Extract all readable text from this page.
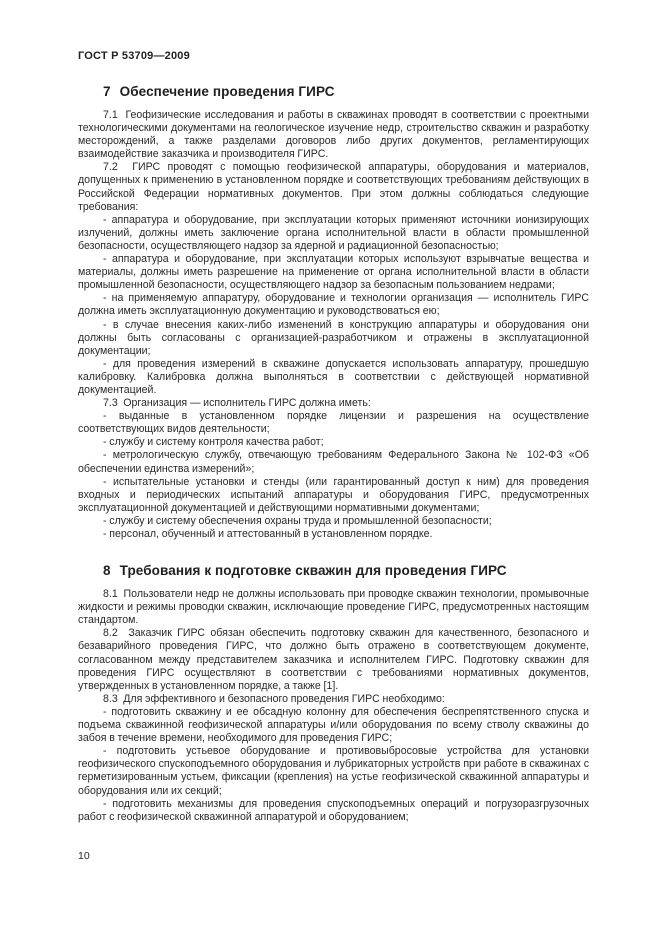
ГОСТ Р 53709—2009
7 Обеспечение проведения ГИРС

7.1  Геофизические исследования и работы в скважинах проводят в соответствии с проектными технологическими документами на геологическое изучение недр, строительство скважин и разработку месторождений, а также разделами договоров либо других документов, регламентирующих взаимодействие заказчика и производителя ГИРС.

7.2  ГИРС проводят с помощью геофизической аппаратуры, оборудования и материалов, допущенных к применению в установленном порядке и соответствующих требованиям действующих в Российской Федерации нормативных документов. При этом должны соблюдаться следующие требования:

- аппаратура и оборудование, при эксплуатации которых применяют источники ионизирующих излучений, должны иметь заключение органа исполнительной власти в области промышленной безопасности, осуществляющего надзор за ядерной и радиационной безопасностью;

- аппаратура и оборудование, при эксплуатации которых используют взрывчатые вещества и материалы, должны иметь разрешение на применение от органа исполнительной власти в области промышленной безопасности, осуществляющего надзор за безопасным пользованием недрами;

- на применяемую аппаратуру, оборудование и технологии организация — исполнитель ГИРС должна иметь эксплуатационную документацию и руководствоваться ею;

- в случае внесения каких-либо изменений в конструкцию аппаратуры и оборудования они должны быть согласованы с организацией-разработчиком и отражены в эксплуатационной документации;

- для проведения измерений в скважине допускается использовать аппаратуру, прошедшую калибровку. Калибровка должна выполняться в соответствии с действующей нормативной документацией.

7.3  Организация — исполнитель ГИРС должна иметь:

- выданные в установленном порядке лицензии и разрешения на осуществление соответствующих видов деятельности;

- службу и систему контроля качества работ;

- метрологическую службу, отвечающую требованиям Федерального Закона № 102-ФЗ «Об обеспечении единства измерений»;

- испытательные установки и стенды (или гарантированный доступ к ним) для проведения входных и периодических испытаний аппаратуры и оборудования ГИРС, предусмотренных эксплуатационной документацией и действующими нормативными документами;

- службу и систему обеспечения охраны труда и промышленной безопасности;

- персонал, обученный и аттестованный в установленном порядке.

8 Требования к подготовке скважин для проведения ГИРС

8.1  Пользователи недр не должны использовать при проводке скважин технологии, промывочные жидкости и режимы проводки скважин, исключающие проведение ГИРС, предусмотренных настоящим стандартом.

8.2  Заказчик ГИРС обязан обеспечить подготовку скважин для качественного, безопасного и безаварийного проведения ГИРС, что должно быть отражено в соответствующем документе, согласованном между представителем заказчика и исполнителем ГИРС. Подготовку скважин для проведения ГИРС осуществляют в соответствии с требованиями нормативных документов, утвержденных в установленном порядке, а также [1].

8.3  Для эффективного и безопасного проведения ГИРС необходимо:

- подготовить скважину и ее обсадную колонну для обеспечения беспрепятственного спуска и подъема скважинной геофизической аппаратуры и/или оборудования по всему стволу скважины до забоя в течение времени, необходимого для проведения ГИРС;

- подготовить устьевое оборудование и противовыбросовые устройства для установки геофизического спускоподъемного оборудования и лубрикаторных устройств при работе в скважинах с герметизированным устьем, фиксации (крепления) на устье геофизической скважинной аппаратуры и оборудования или их секций;

- подготовить механизмы для проведения спускоподъемных операций и погрузоразгрузочных работ с геофизической скважинной аппаратурой и оборудованием;

10
